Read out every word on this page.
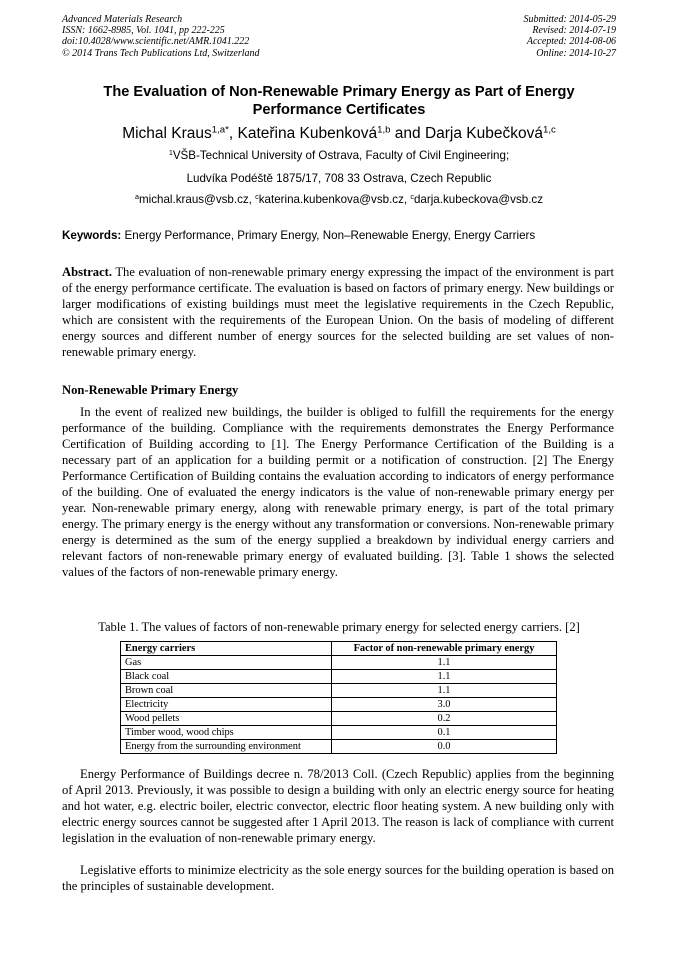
Advanced Materials Research
ISSN: 1662-8985, Vol. 1041, pp 222-225
doi:10.4028/www.scientific.net/AMR.1041.222
© 2014 Trans Tech Publications Ltd, Switzerland
Submitted: 2014-05-29
Revised: 2014-07-19
Accepted: 2014-08-06
Online: 2014-10-27
The Evaluation of Non-Renewable Primary Energy as Part of Energy Performance Certificates
Michal Kraus$^{1,a*}$, Kateřina Kubenková$^{1,b}$ and Darja Kubečková$^{1,c}$
$^1$VŠB-Technical University of Ostrava, Faculty of Civil Engineering;
Ludvíka Podéště 1875/17, 708 33 Ostrava, Czech Republic
$^a$michal.kraus@vsb.cz, $^c$katerina.kubenkova@vsb.cz, $^c$darja.kubeckova@vsb.cz
Keywords: Energy Performance, Primary Energy, Non–Renewable Energy, Energy Carriers
Abstract. The evaluation of non-renewable primary energy expressing the impact of the environment is part of the energy performance certificate. The evaluation is based on factors of primary energy. New buildings or larger modifications of existing buildings must meet the legislative requirements in the Czech Republic, which are consistent with the requirements of the European Union. On the basis of modeling of different energy sources and different number of energy sources for the selected building are set values of non-renewable primary energy.
Non-Renewable Primary Energy
In the event of realized new buildings, the builder is obliged to fulfill the requirements for the energy performance of the building. Compliance with the requirements demonstrates the Energy Performance Certification of Building according to [1]. The Energy Performance Certification of the Building is a necessary part of an application for a building permit or a notification of construction. [2] The Energy Performance Certification of Building contains the evaluation according to indicators of energy performance of the building. One of evaluated the energy indicators is the value of non-renewable primary energy per year. Non-renewable primary energy, along with renewable primary energy, is part of the total primary energy. The primary energy is the energy without any transformation or conversions. Non-renewable primary energy is determined as the sum of the energy supplied a breakdown by individual energy carriers and relevant factors of non-renewable primary energy of evaluated building. [3]. Table 1 shows the selected values of the factors of non-renewable primary energy.
Table 1. The values of factors of non-renewable primary energy for selected energy carriers. [2]
Energy carriers	Factor of non-renewable primary energy
Gas	1.1
Black coal	1.1
Brown coal	1.1
Electricity	3.0
Wood pellets	0.2
Timber wood, wood chips	0.1
Energy from the surrounding environment	0.0
Energy Performance of Buildings decree n. 78/2013 Coll. (Czech Republic) applies from the beginning of April 2013. Previously, it was possible to design a building with only an electric energy source for heating and hot water, e.g. electric boiler, electric convector, electric floor heating system. A new building only with electric energy sources cannot be suggested after 1 April 2013. The reason is lack of compliance with current legislation in the evaluation of non-renewable primary energy.
Legislative efforts to minimize electricity as the sole energy sources for the building operation is based on the principles of sustainable development.
